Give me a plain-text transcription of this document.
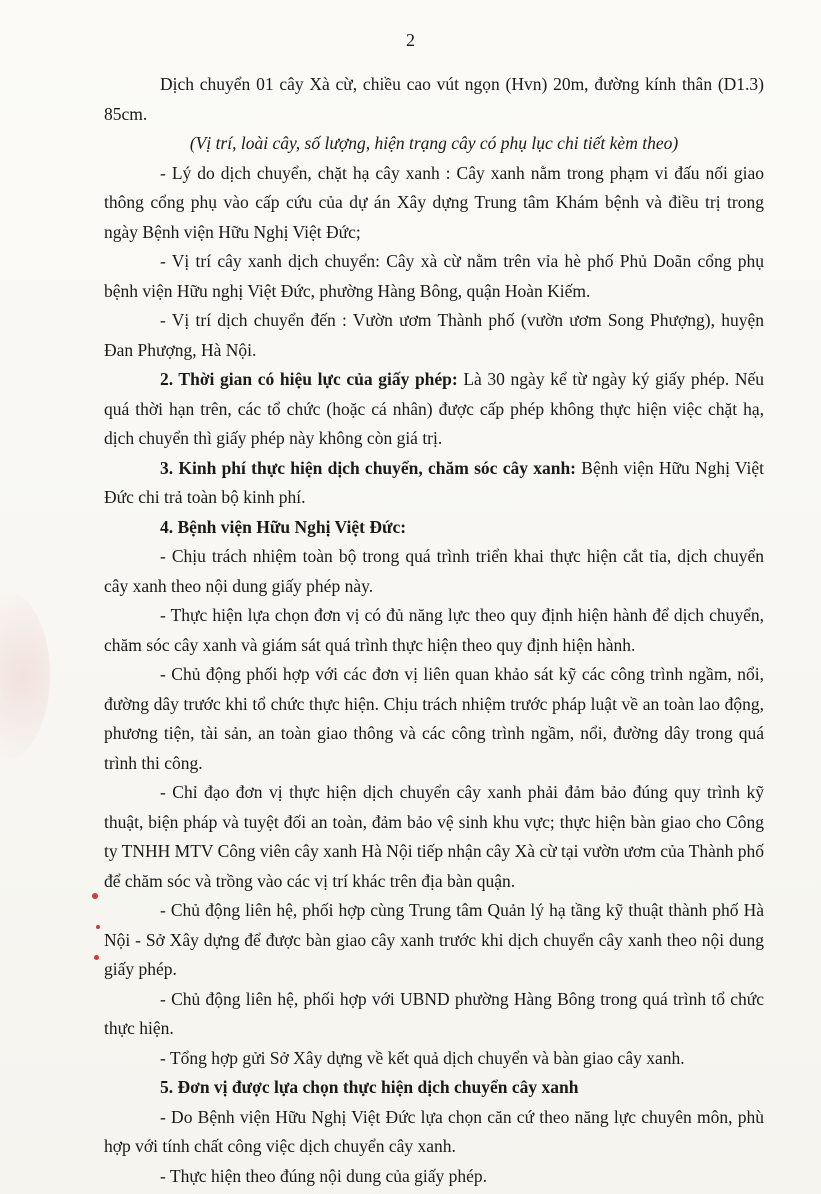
2

Dịch chuyển 01 cây Xà cừ, chiều cao vút ngọn (Hvn) 20m, đường kính thân (D1.3) 85cm.

(Vị trí, loài cây, số lượng, hiện trạng cây có phụ lục chi tiết kèm theo)

- Lý do dịch chuyển, chặt hạ cây xanh : Cây xanh nằm trong phạm vi đấu nối giao thông cổng phụ vào cấp cứu của dự án Xây dựng Trung tâm Khám bệnh và điều trị trong ngày Bệnh viện Hữu Nghị Việt Đức;

- Vị trí cây xanh dịch chuyển: Cây xà cừ nằm trên vỉa hè phố Phủ Doãn cổng phụ bệnh viện Hữu nghị Việt Đức, phường Hàng Bông, quận Hoàn Kiếm.

- Vị trí dịch chuyển đến : Vườn ươm Thành phố (vườn ươm Song Phượng), huyện Đan Phượng, Hà Nội.

2. Thời gian có hiệu lực của giấy phép: Là 30 ngày kể từ ngày ký giấy phép. Nếu quá thời hạn trên, các tổ chức (hoặc cá nhân) được cấp phép không thực hiện việc chặt hạ, dịch chuyển thì giấy phép này không còn giá trị.

3. Kinh phí thực hiện dịch chuyển, chăm sóc cây xanh: Bệnh viện Hữu Nghị Việt Đức chi trả toàn bộ kinh phí.

4. Bệnh viện Hữu Nghị Việt Đức:

- Chịu trách nhiệm toàn bộ trong quá trình triển khai thực hiện cắt tỉa, dịch chuyển cây xanh theo nội dung giấy phép này.

- Thực hiện lựa chọn đơn vị có đủ năng lực theo quy định hiện hành để dịch chuyển, chăm sóc cây xanh và giám sát quá trình thực hiện theo quy định hiện hành.

- Chủ động phối hợp với các đơn vị liên quan khảo sát kỹ các công trình ngầm, nổi, đường dây trước khi tổ chức thực hiện. Chịu trách nhiệm trước pháp luật về an toàn lao động, phương tiện, tài sản, an toàn giao thông và các công trình ngầm, nổi, đường dây trong quá trình thi công.

- Chỉ đạo đơn vị thực hiện dịch chuyển cây xanh phải đảm bảo đúng quy trình kỹ thuật, biện pháp và tuyệt đối an toàn, đảm bảo vệ sinh khu vực; thực hiện bàn giao cho Công ty TNHH MTV Công viên cây xanh Hà Nội tiếp nhận cây Xà cừ tại vườn ươm của Thành phố để chăm sóc và trồng vào các vị trí khác trên địa bàn quận.

- Chủ động liên hệ, phối hợp cùng Trung tâm Quản lý hạ tầng kỹ thuật thành phố Hà Nội - Sở Xây dựng để được bàn giao cây xanh trước khi dịch chuyển cây xanh theo nội dung giấy phép.

- Chủ động liên hệ, phối hợp với UBND phường Hàng Bông trong quá trình tổ chức thực hiện.

- Tổng hợp gửi Sở Xây dựng về kết quả dịch chuyển và bàn giao cây xanh.

5. Đơn vị được lựa chọn thực hiện dịch chuyển cây xanh

- Do Bệnh viện Hữu Nghị Việt Đức lựa chọn căn cứ theo năng lực chuyên môn, phù hợp với tính chất công việc dịch chuyển cây xanh.

- Thực hiện theo đúng nội dung của giấy phép.
